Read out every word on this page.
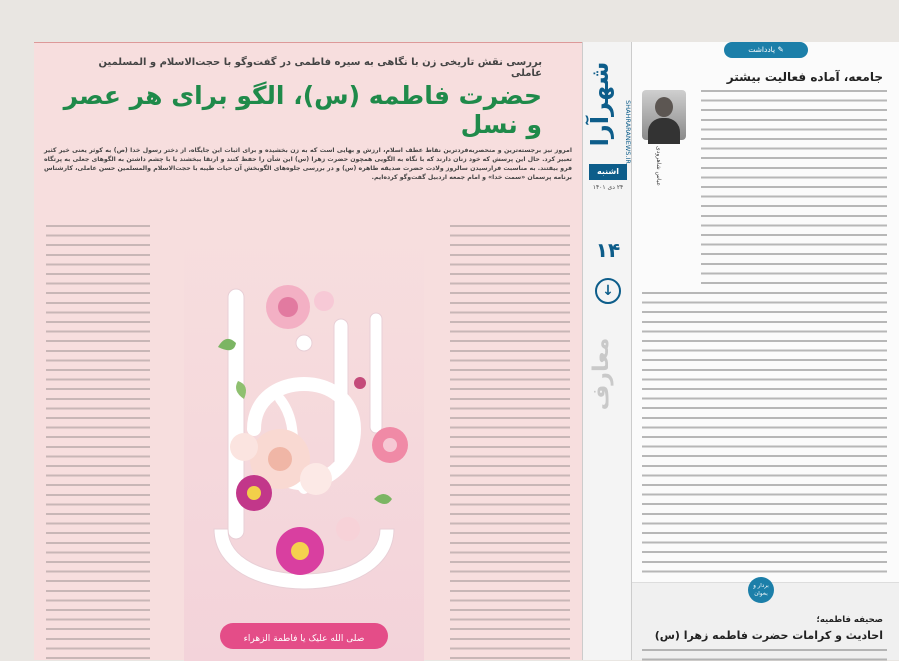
بررسی نقش تاریخی زن با نگاهی به سیره فاطمی در گفت‌وگو با حجت‌الاسلام و المسلمین عاملی
حضرت فاطمه (س)، الگو برای هر عصر و نسل
امروز نیز برجسته‌ترین و منحصربه‌فردترین نقاط عطف اسلام، ارزش و بهایی است که به زن بخشیده و برای اثبات این جایگاه، از دختر رسول خدا (ص) به کوثر یعنی خیر کثیر تعبیر کرد. حال این پرسش که خود زنان دارند که با نگاه به الگویی همچون حضرت زهرا (س) این شأن را حفظ کنند و ارتقا ببخشند یا با چشم داشتن به الگوهای جعلی به پرتگاه فرو بیفتند. به مناسبت فرارسیدن سالروز ولادت حضرت صدیقه طاهره (س) و در بررسی جلوه‌های الگوبخش آن حیات طیبه با حجت‌الاسلام والمسلمین حسن عاملی، کارشناس برنامه پرسمان «سمت خدا» و امام جمعه اردبیل گفت‌وگو کرده‌ایم.
صلی الله علیک یا فاطمة الزهراء
شهرآرا
اشنبه
۲۴ دی ۱۴۰۱
SHAHRARANEWS.IR
۱۴
↓
معارف
✎ یادداشت
جامعه، آماده فعالیت بیشتر
عباس شاهرودی
بردار و بخوان
صحیفه فاطمیه؛
احادیث و کرامات حضرت فاطمه زهرا (س)
